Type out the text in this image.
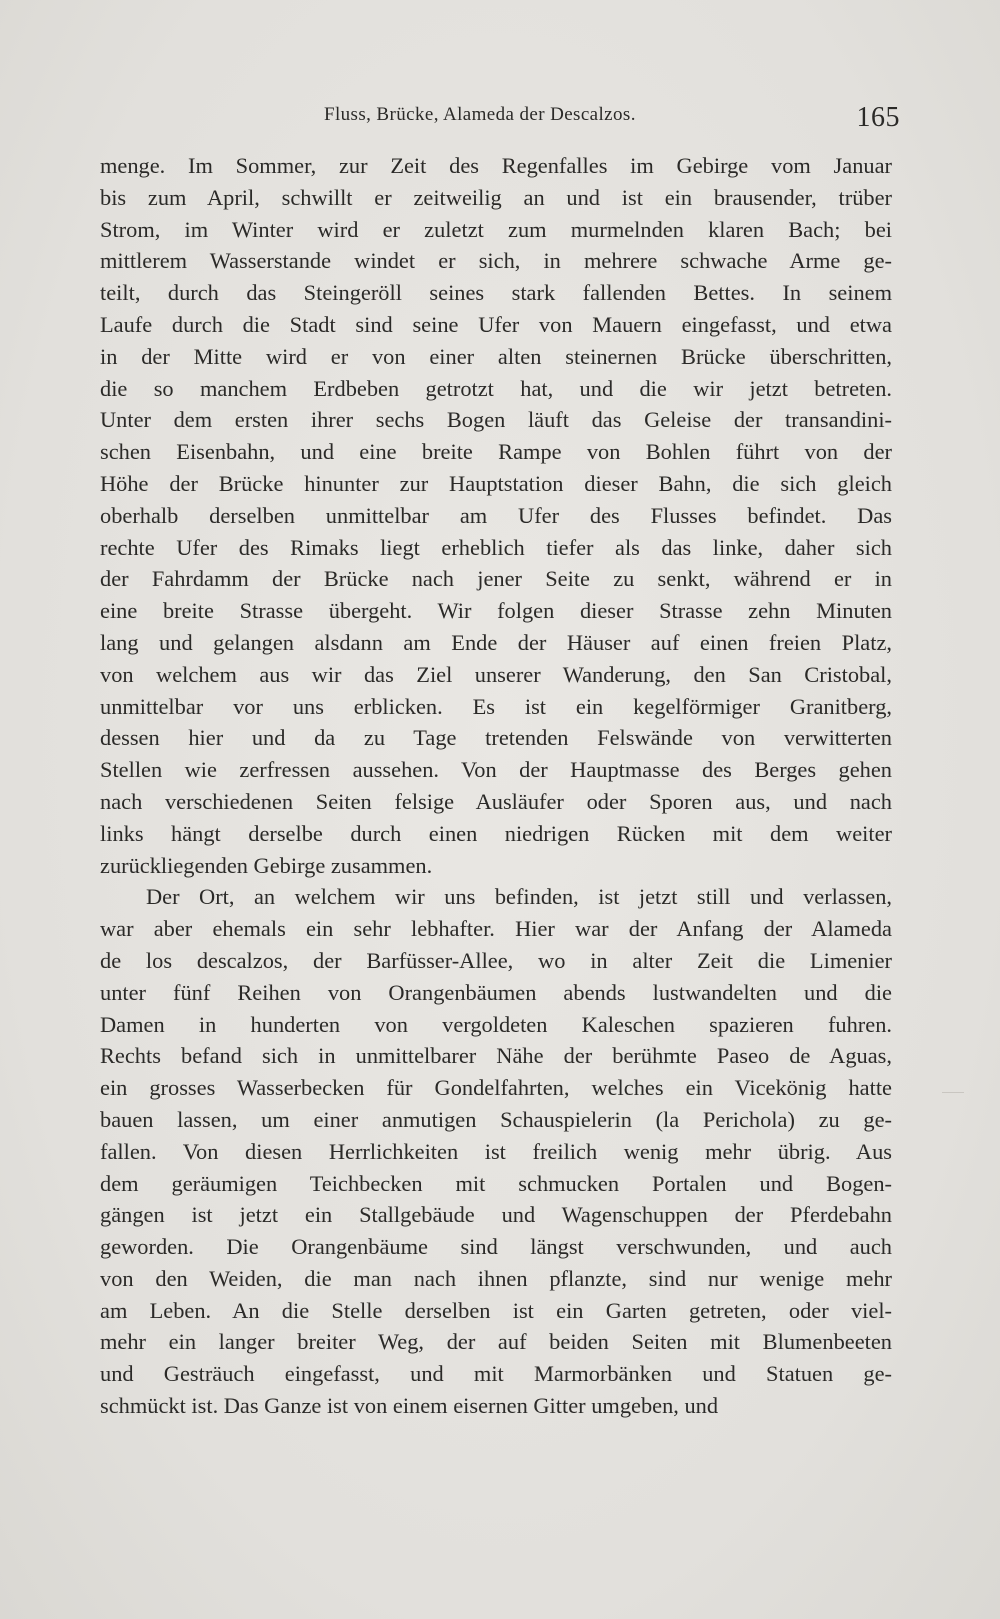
Fluss, Brücke, Alameda der Descalzos.	165
menge. Im Sommer, zur Zeit des Regenfalles im Gebirge vom Januar
bis zum April, schwillt er zeitweilig an und ist ein brausender, trüber
Strom, im Winter wird er zuletzt zum murmelnden klaren Bach; bei
mittlerem Wasserstande windet er sich, in mehrere schwache Arme ge-
teilt, durch das Steingeröll seines stark fallenden Bettes. In seinem
Laufe durch die Stadt sind seine Ufer von Mauern eingefasst, und etwa
in der Mitte wird er von einer alten steinernen Brücke überschritten,
die so manchem Erdbeben getrotzt hat, und die wir jetzt betreten.
Unter dem ersten ihrer sechs Bogen läuft das Geleise der transandini-
schen Eisenbahn, und eine breite Rampe von Bohlen führt von der
Höhe der Brücke hinunter zur Hauptstation dieser Bahn, die sich gleich
oberhalb derselben unmittelbar am Ufer des Flusses befindet. Das
rechte Ufer des Rimaks liegt erheblich tiefer als das linke, daher sich
der Fahrdamm der Brücke nach jener Seite zu senkt, während er in
eine breite Strasse übergeht. Wir folgen dieser Strasse zehn Minuten
lang und gelangen alsdann am Ende der Häuser auf einen freien Platz,
von welchem aus wir das Ziel unserer Wanderung, den San Cristobal,
unmittelbar vor uns erblicken. Es ist ein kegelförmiger Granitberg,
dessen hier und da zu Tage tretenden Felswände von verwitterten
Stellen wie zerfressen aussehen. Von der Hauptmasse des Berges gehen
nach verschiedenen Seiten felsige Ausläufer oder Sporen aus, und nach
links hängt derselbe durch einen niedrigen Rücken mit dem weiter
zurückliegenden Gebirge zusammen.
Der Ort, an welchem wir uns befinden, ist jetzt still und verlassen,
war aber ehemals ein sehr lebhafter. Hier war der Anfang der Alameda
de los descalzos, der Barfüsser-Allee, wo in alter Zeit die Limenier
unter fünf Reihen von Orangenbäumen abends lustwandelten und die
Damen in hunderten von vergoldeten Kaleschen spazieren fuhren.
Rechts befand sich in unmittelbarer Nähe der berühmte Paseo de Aguas,
ein grosses Wasserbecken für Gondelfahrten, welches ein Vicekönig hatte
bauen lassen, um einer anmutigen Schauspielerin (la Perichola) zu ge-
fallen. Von diesen Herrlichkeiten ist freilich wenig mehr übrig. Aus
dem geräumigen Teichbecken mit schmucken Portalen und Bogen-
gängen ist jetzt ein Stallgebäude und Wagenschuppen der Pferdebahn
geworden. Die Orangenbäume sind längst verschwunden, und auch
von den Weiden, die man nach ihnen pflanzte, sind nur wenige mehr
am Leben. An die Stelle derselben ist ein Garten getreten, oder viel-
mehr ein langer breiter Weg, der auf beiden Seiten mit Blumenbeeten
und Gesträuch eingefasst, und mit Marmorbänken und Statuen ge-
schmückt ist. Das Ganze ist von einem eisernen Gitter umgeben, und
